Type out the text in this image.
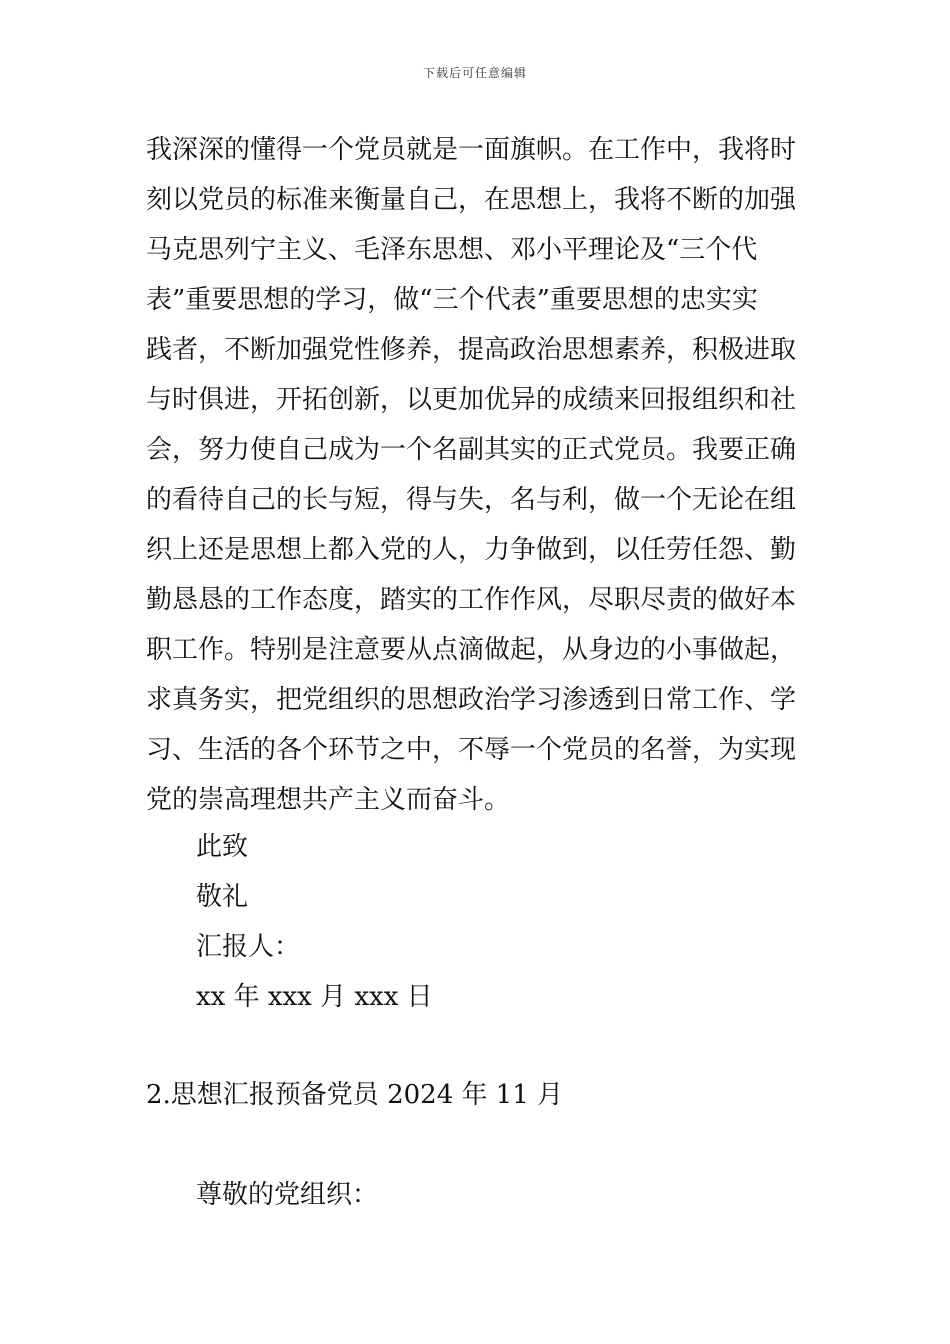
下载后可任意编辑
我深深的懂得一个党员就是一面旗帜。在工作中，我将时
刻以党员的标准来衡量自己，在思想上，我将不断的加强
马克思列宁主义、毛泽东思想、邓小平理论及“三个代
表”重要思想的学习，做“三个代表”重要思想的忠实实
践者，不断加强党性修养，提高政治思想素养，积极进取
与时俱进，开拓创新，以更加优异的成绩来回报组织和社
会，努力使自己成为一个名副其实的正式党员。我要正确
的看待自己的长与短，得与失，名与利，做一个无论在组
织上还是思想上都入党的人，力争做到，以任劳任怨、勤
勤恳恳的工作态度，踏实的工作作风，尽职尽责的做好本
职工作。特别是注意要从点滴做起，从身边的小事做起，
求真务实，把党组织的思想政治学习渗透到日常工作、学
习、生活的各个环节之中，不辱一个党员的名誉，为实现
党的崇高理想共产主义而奋斗。
此致
敬礼
汇报人：
xx 年 xxx 月 xxx 日
2.思想汇报预备党员 2024 年 11 月
尊敬的党组织：
